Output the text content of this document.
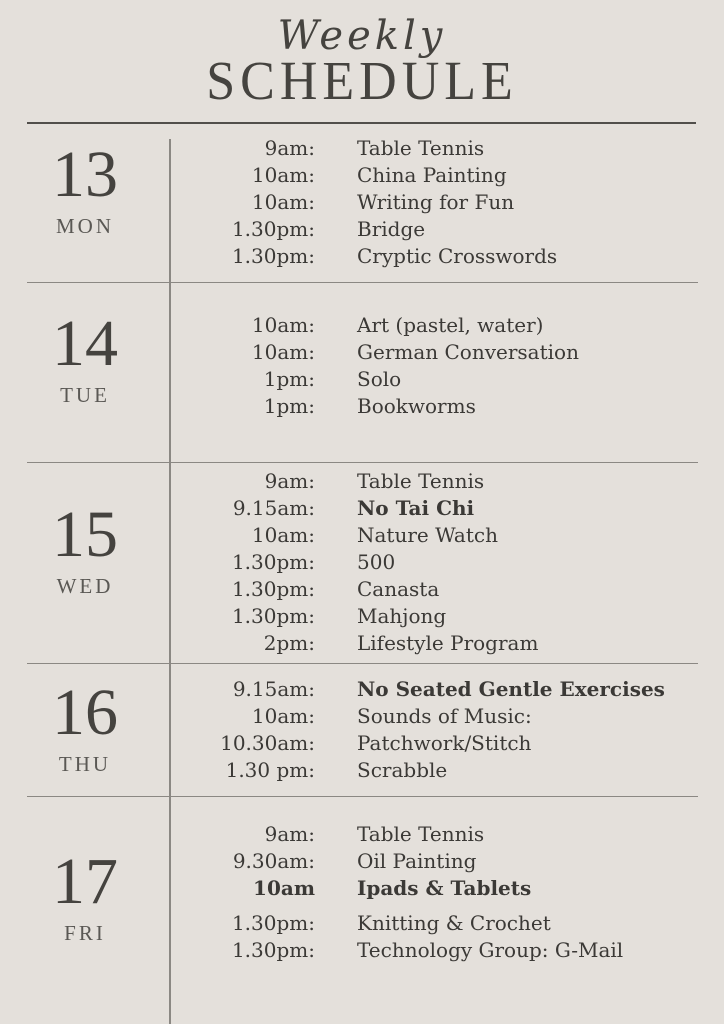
Weekly
SCHEDULE
13
MON
9am:	Table Tennis
10am:	China Painting
10am:	Writing for Fun
1.30pm:	Bridge
1.30pm:	Cryptic Crosswords
14
TUE
10am:	Art (pastel, water)
10am:	German Conversation
1pm:	Solo
1pm:	Bookworms
15
WED
9am:	Table Tennis
9.15am:	No Tai Chi
10am:	Nature Watch
1.30pm:	500
1.30pm:	Canasta
1.30pm:	Mahjong
2pm:	Lifestyle Program
16
THU
9.15am:	No Seated Gentle Exercises
10am:	Sounds of Music:
10.30am:	Patchwork/Stitch
1.30 pm:	Scrabble
17
FRI
9am:	Table Tennis
9.30am:	Oil Painting
10am	Ipads & Tablets
1.30pm:	Knitting & Crochet
1.30pm:	Technology Group: G-Mail
